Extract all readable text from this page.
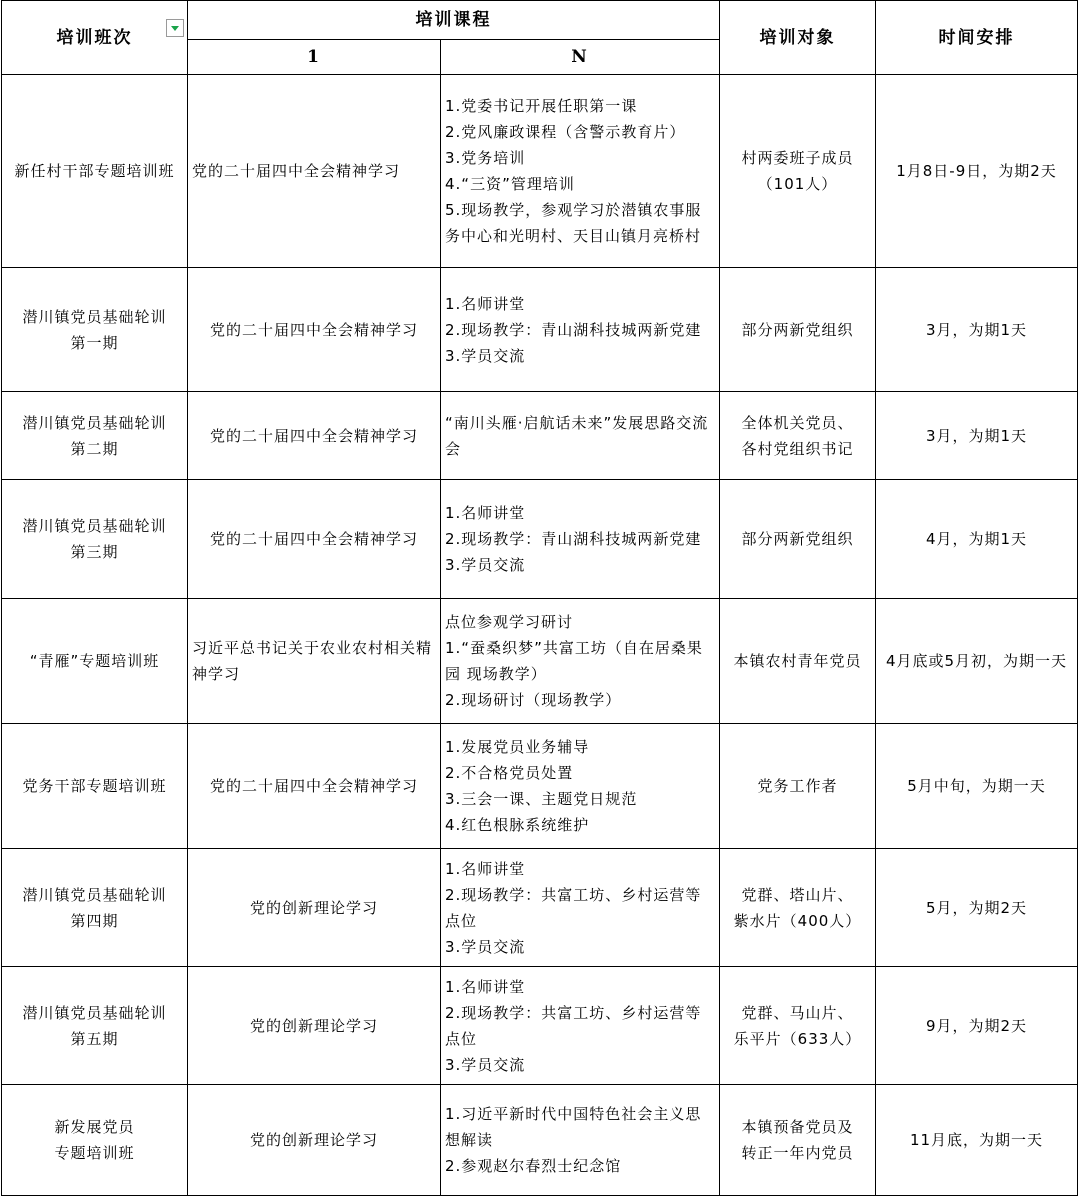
培训班次	培训课程		培训对象	时间安排
	1	N		
新任村干部专题培训班	党的二十届四中全会精神学习	1.党委书记开展任职第一课
2.党风廉政课程（含警示教育片）
3.党务培训
4.“三资”管理培训
5.现场教学，参观学习於潜镇农事服务中心和光明村、天目山镇月亮桥村	村两委班子成员
（101人）	1月8日-9日，为期2天
潜川镇党员基础轮训
第一期	党的二十届四中全会精神学习	1.名师讲堂
2.现场教学：青山湖科技城两新党建
3.学员交流	部分两新党组织	3月，为期1天
潜川镇党员基础轮训
第二期	党的二十届四中全会精神学习	“南川头雁·启航话未来”发展思路交流会	全体机关党员、
各村党组织书记	3月，为期1天
潜川镇党员基础轮训
第三期	党的二十届四中全会精神学习	1.名师讲堂
2.现场教学：青山湖科技城两新党建
3.学员交流	部分两新党组织	4月，为期1天
“青雁”专题培训班	习近平总书记关于农业农村相关精神学习	点位参观学习研讨
1.“蚕桑织梦”共富工坊（自在居桑果园 现场教学）
2.现场研讨（现场教学）	本镇农村青年党员	4月底或5月初，为期一天
党务干部专题培训班	党的二十届四中全会精神学习	1.发展党员业务辅导
2.不合格党员处置
3.三会一课、主题党日规范
4.红色根脉系统维护	党务工作者	5月中旬，为期一天
潜川镇党员基础轮训
第四期	党的创新理论学习	1.名师讲堂
2.现场教学：共富工坊、乡村运营等点位
3.学员交流	党群、塔山片、
紫水片（400人）	5月，为期2天
潜川镇党员基础轮训
第五期	党的创新理论学习	1.名师讲堂
2.现场教学：共富工坊、乡村运营等点位
3.学员交流	党群、马山片、
乐平片（633人）	9月，为期2天
新发展党员
专题培训班	党的创新理论学习	1.习近平新时代中国特色社会主义思想解读
2.参观赵尔春烈士纪念馆	本镇预备党员及
转正一年内党员	11月底，为期一天
